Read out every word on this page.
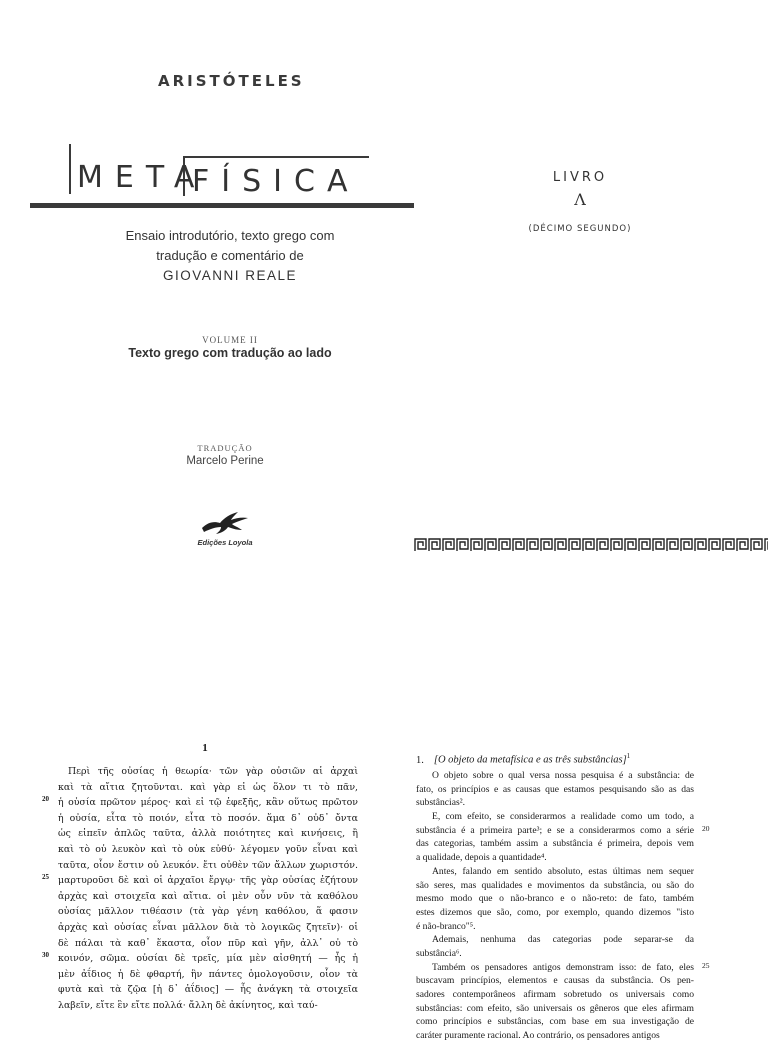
ARISTÓTELES
META
FÍSICA
Ensaio introdutório, texto grego com
tradução e comentário de
GIOVANNI REALE
VOLUME II
Texto grego com tradução ao lado
TRADUÇÃO
Marcelo Perine
Edições Loyola
LIVRO
Λ
(DÉCIMO SEGUNDO)
1
Περὶ τῆς οὐσίας ἡ θεωρία· τῶν γὰρ οὐσιῶν αἱ ἀρχαὶ
καὶ τὰ αἴτια ζητοῦνται. καὶ γὰρ εἰ ὡς ὅλον τι τὸ πᾶν,
ἡ οὐσία πρῶτον μέρος· καὶ εἰ τῷ ἐφεξῆς, κἂν οὕτως πρῶτον
20
ἡ οὐσία, εἶτα τὸ ποιόν, εἶτα τὸ ποσόν. ἅμα δ᾽ οὐδ᾽ ὄντα
ὡς εἰπεῖν ἁπλῶς ταῦτα, ἀλλὰ ποιότητες καὶ κινήσεις, ἢ
καὶ τὸ οὐ λευκὸν καὶ τὸ οὐκ εὐθύ· λέγομεν γοῦν εἶναι καὶ
ταῦτα, οἷον ἔστιν οὐ λευκόν. ἔτι οὐθὲν τῶν ἄλλων χωριστόν.
μαρτυροῦσι δὲ καὶ οἱ ἀρχαῖοι ἔργῳ· τῆς γὰρ οὐσίας ἐζήτουν
25
ἀρχὰς καὶ στοιχεῖα καὶ αἴτια. οἱ μὲν οὖν νῦν τὰ καθόλου
οὐσίας μᾶλλον τιθέασιν (τὰ γὰρ γένη καθόλου, ἅ φασιν
ἀρχὰς καὶ οὐσίας εἶναι μᾶλλον διὰ τὸ λογικῶς ζητεῖν)· οἱ
δὲ πάλαι τὰ καθ᾽ ἕκαστα, οἷον πῦρ καὶ γῆν, ἀλλ᾽ οὐ τὸ
κοινόν, σῶμα. οὐσίαι δὲ τρεῖς, μία μὲν αἰσθητή — ἧς ἡ
30
μὲν ἀΐδιος ἡ δὲ φθαρτή, ἣν πάντες ὁμολογοῦσιν, οἷον τὰ
φυτὰ καὶ τὰ ζῷα [ἡ δ᾽ ἀΐδιος] — ἧς ἀνάγκη τὰ στοιχεῖα
λαβεῖν, εἴτε ἓν εἴτε πολλά· ἄλλη δὲ ἀκίνητος, καὶ ταύ-
1. [O objeto da metafísica e as três substâncias]$^1$
O objeto sobre o qual versa nossa pesquisa é a substância: de
fato, os princípios e as causas que estamos pesquisando são as das
substâncias².
E, com efeito, se considerarmos a realidade como um todo, a
substância é a primeira parte³; e se a considerarmos como a série 20
das categorias, também assim a substância é primeira, depois vem
a qualidade, depois a quantidade⁴.
Antes, falando em sentido absoluto, estas últimas nem sequer
são seres, mas qualidades e movimentos da substância, ou são do
mesmo modo que o não-branco e o não-reto: de fato, também
estes dizemos que são, como, por exemplo, quando dizemos "isto
é não-branco"⁵.
Ademais, nenhuma das categorias pode separar-se da
substância⁶.
Também os pensadores antigos demonstram isso: de fato, eles 25
buscavam princípios, elementos e causas da substância. Os pen-
sadores contemporâneos afirmam sobretudo os universais como
substâncias: com efeito, são universais os gêneros que eles afirmam
como princípios e substâncias, com base em sua investigação de
caráter puramente racional. Ao contrário, os pensadores antigos
